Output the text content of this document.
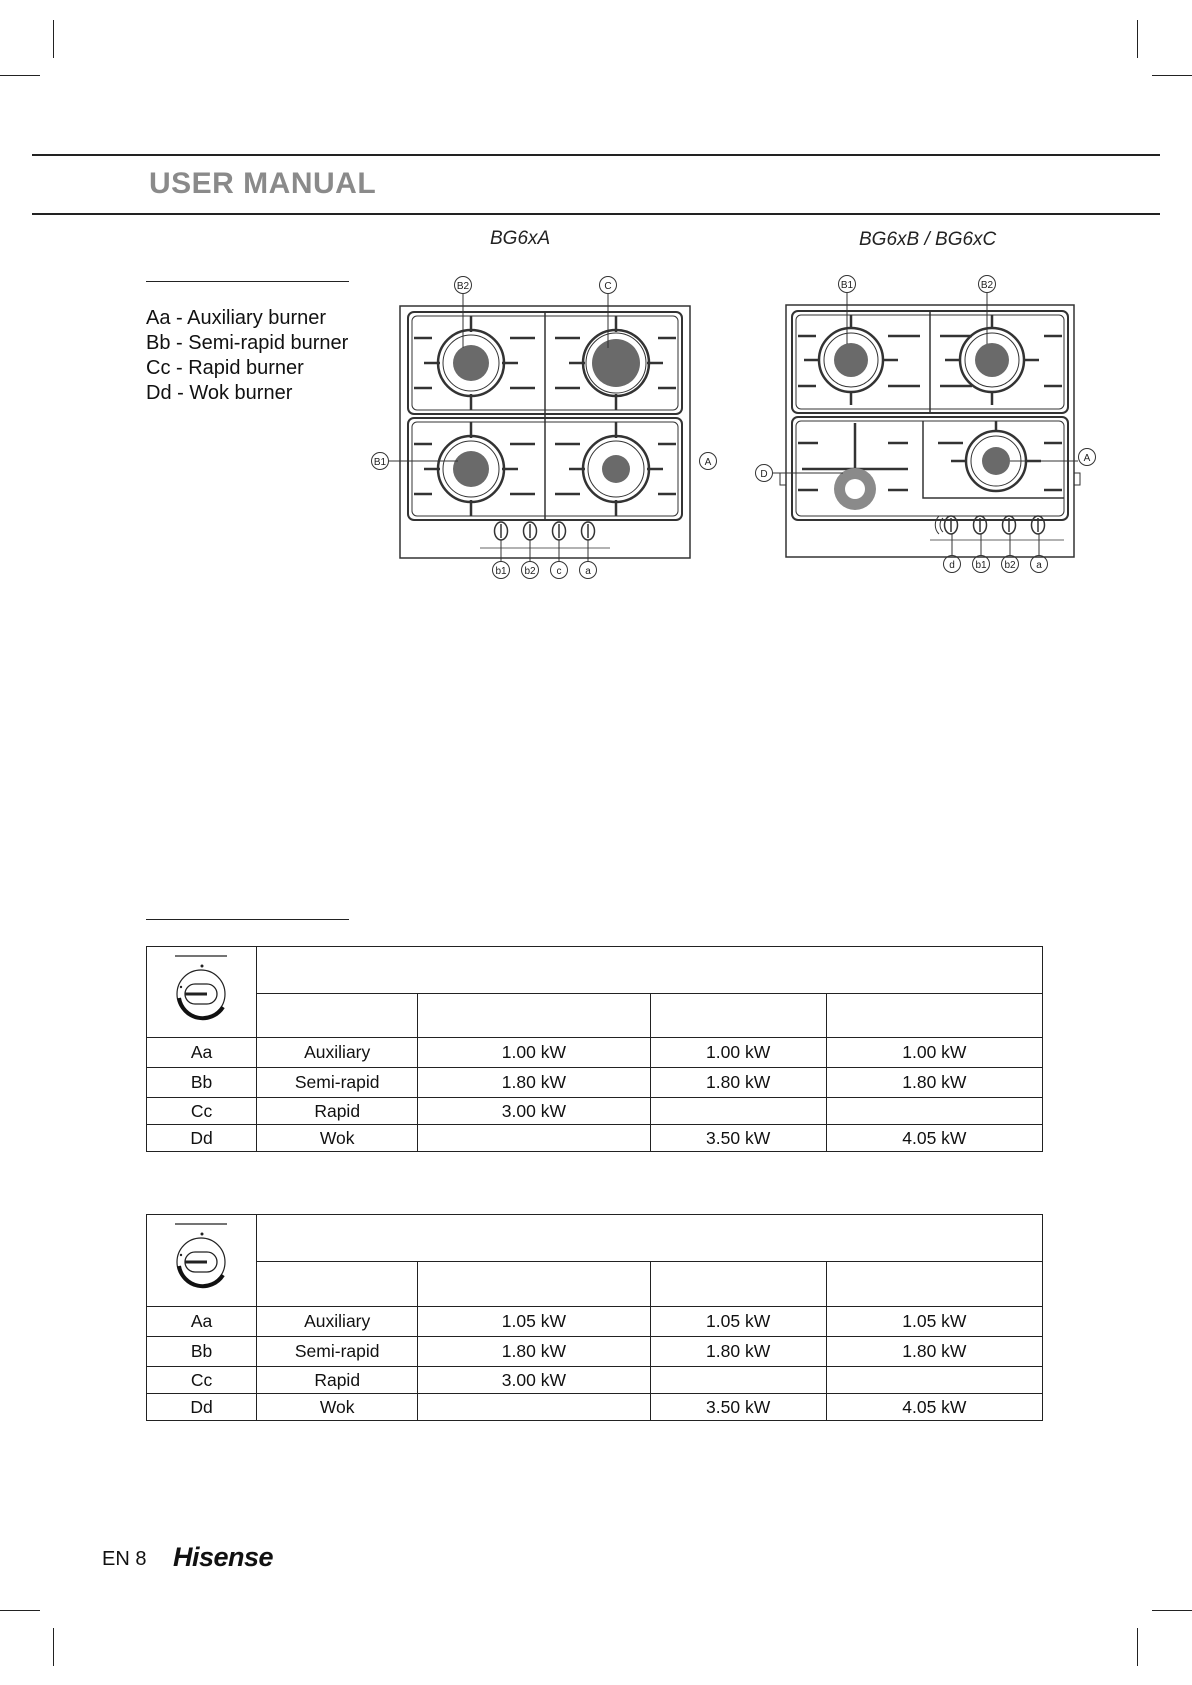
USER MANUAL
BG6xA	BG6xB / BG6xC
Aa - Auxiliary burner
Bb - Semi-rapid burner
Cc - Rapid burner
Dd - Wok burner
B2	C
B1	A
b1 b2 c a
B1	B2
D
A
d b1 b2 a

Aa	Auxiliary	1.00 kW	1.00 kW	1.00 kW
Bb	Semi-rapid	1.80 kW	1.80 kW	1.80 kW
Cc	Rapid	3.00 kW		
Dd	Wok		3.50 kW	4.05 kW

Aa	Auxiliary	1.05 kW	1.05 kW	1.05 kW
Bb	Semi-rapid	1.80 kW	1.80 kW	1.80 kW
Cc	Rapid	3.00 kW		
Dd	Wok		3.50 kW	4.05 kW
EN 8 Hisense
